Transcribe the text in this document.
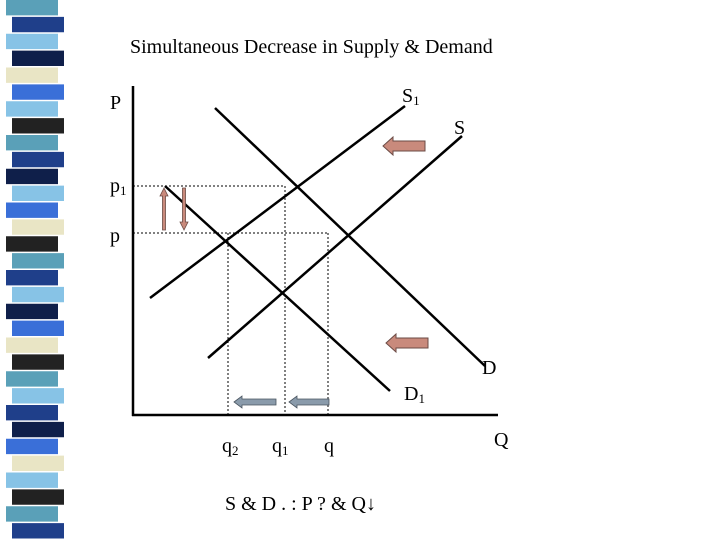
Simultaneous Decrease in Supply & Demand
P
Q
$S_1$
S
D
$D_1$
$p_1$
p
$q_2$ $q_1$ q
S & D . : P ? & Q↓
